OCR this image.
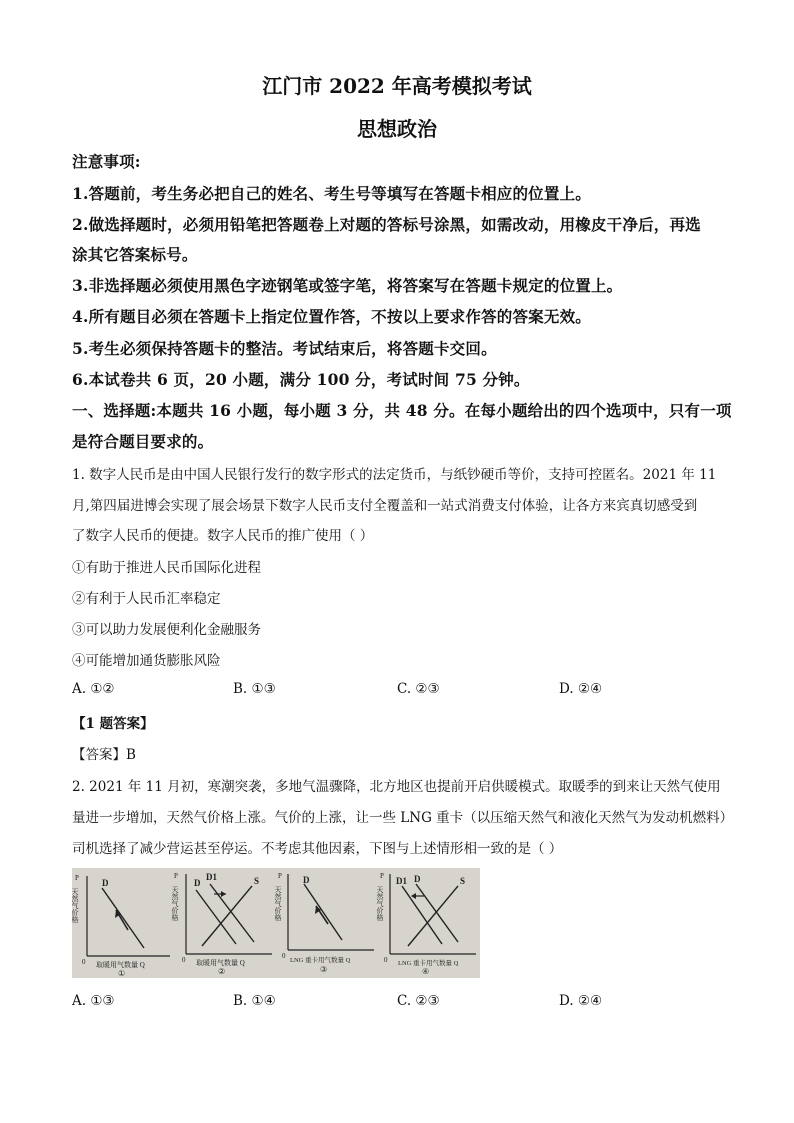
江门市 2022 年高考模拟考试
思想政治
注意事项:
1.答题前，考生务必把自己的姓名、考生号等填写在答题卡相应的位置上。
2.做选择题时，必须用铅笔把答题卷上对题的答标号涂黑，如需改动，用橡皮干净后，再选
涂其它答案标号。
3.非选择题必须使用黑色字迹钢笔或签字笔，将答案写在答题卡规定的位置上。
4.所有题目必须在答题卡上指定位置作答，不按以上要求作答的答案无效。
5.考生必须保持答题卡的整洁。考试结束后，将答题卡交回。
6.本试卷共 6 页，20 小题，满分 100 分，考试时间 75 分钟。
一、选择题:本题共 16 小题，每小题 3 分，共 48 分。在每小题给出的四个选项中，只有一项
是符合题目要求的。
1. 数字人民币是由中国人民银行发行的数字形式的法定货币，与纸钞硬币等价，支持可控匿名。2021 年 11
月,第四届进博会实现了展会场景下数字人民币支付全覆盖和一站式消费支付体验，让各方来宾真切感受到
了数字人民币的便捷。数字人民币的推广使用（ ）
①有助于推进人民币国际化进程
②有利于人民币汇率稳定
③可以助力发展便利化金融服务
④可能增加通货膨胀风险
A. ①②	B. ①③	C. ②③	D. ②④
【1 题答案】
【答案】B
2. 2021 年 11 月初，寒潮突袭，多地气温骤降，北方地区也提前开启供暖模式。取暖季的到来让天然气使用
量进一步增加，天然气价格上涨。气价的上涨，让一些 LNG 重卡（以压缩天然气和液化天然气为发动机燃料）
司机选择了减少营运甚至停运。不考虑其他因素，下图与上述情形相一致的是（ ）
P
天然气价格
0
D
取暖用气数量 Q
①
P
天然气价格
0
D
D1	S
取暖用气数量 Q
②
P
天然气价格
0
D
LNG 重卡用气数量 Q
③
P
天然气价格
0
D1 D	S
LNG 重卡用气数量 Q
④
A. ①③	B. ①④	C. ②③	D. ②④
